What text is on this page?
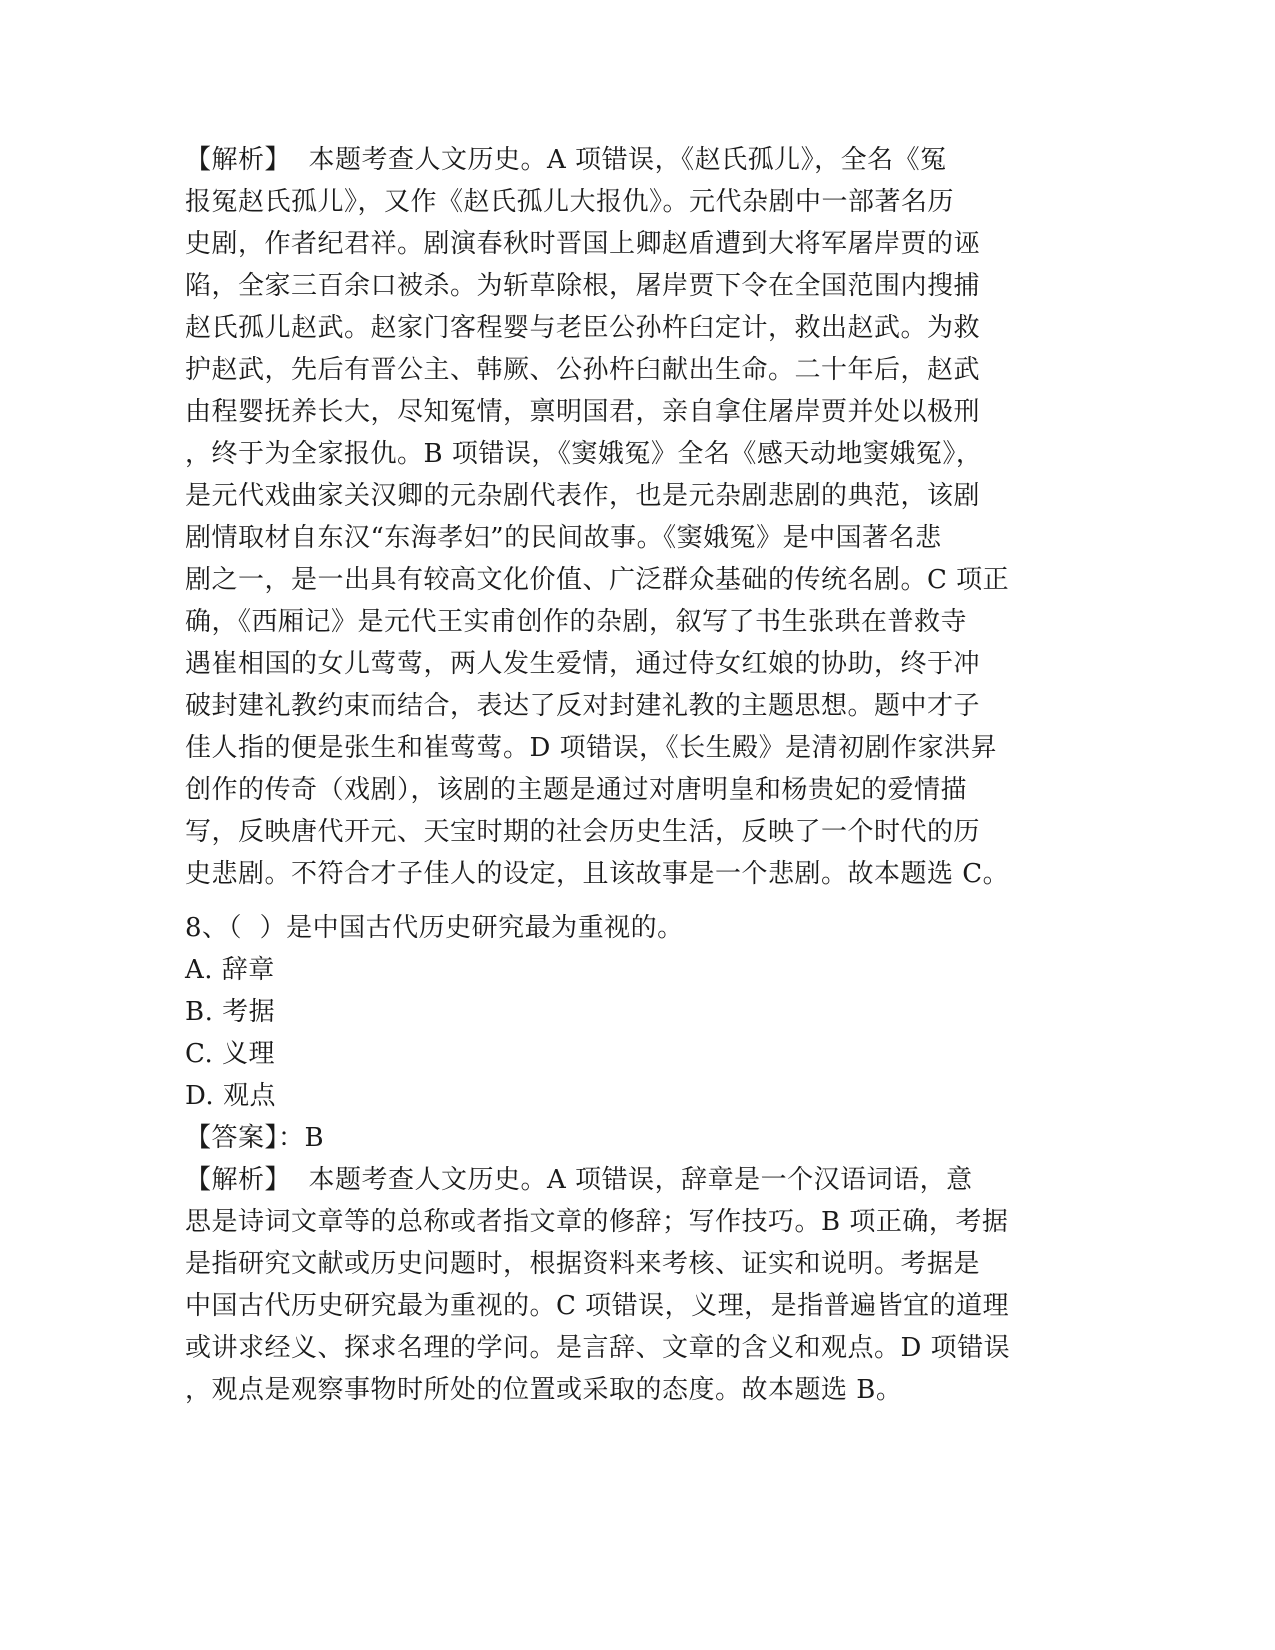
【解析】  本题考查人文历史。A 项错误，《赵氏孤儿》，全名《冤
报冤赵氏孤儿》，又作《赵氏孤儿大报仇》。元代杂剧中一部著名历
史剧，作者纪君祥。剧演春秋时晋国上卿赵盾遭到大将军屠岸贾的诬
陷，全家三百余口被杀。为斩草除根，屠岸贾下令在全国范围内搜捕
赵氏孤儿赵武。赵家门客程婴与老臣公孙杵臼定计，救出赵武。为救
护赵武，先后有晋公主、韩厥、公孙杵臼献出生命。二十年后，赵武
由程婴抚养长大，尽知冤情，禀明国君，亲自拿住屠岸贾并处以极刑
，终于为全家报仇。B 项错误，《窦娥冤》全名《感天动地窦娥冤》，
是元代戏曲家关汉卿的元杂剧代表作，也是元杂剧悲剧的典范，该剧
剧情取材自东汉“东海孝妇”的民间故事。《窦娥冤》是中国著名悲
剧之一，是一出具有较高文化价值、广泛群众基础的传统名剧。C 项正
确，《西厢记》是元代王实甫创作的杂剧，叙写了书生张珙在普救寺
遇崔相国的女儿莺莺，两人发生爱情，通过侍女红娘的协助，终于冲
破封建礼教约束而结合，表达了反对封建礼教的主题思想。题中才子
佳人指的便是张生和崔莺莺。D 项错误，《长生殿》是清初剧作家洪昇
创作的传奇（戏剧），该剧的主题是通过对唐明皇和杨贵妃的爱情描
写，反映唐代开元、天宝时期的社会历史生活，反映了一个时代的历
史悲剧。不符合才子佳人的设定，且该故事是一个悲剧。故本题选 C。
8、（  ）是中国古代历史研究最为重视的。
A. 辞章
B. 考据
C. 义理
D. 观点
【答案】：B
【解析】  本题考查人文历史。A 项错误，辞章是一个汉语词语，意
思是诗词文章等的总称或者指文章的修辞；写作技巧。B 项正确，考据
是指研究文献或历史问题时，根据资料来考核、证实和说明。考据是
中国古代历史研究最为重视的。C 项错误，义理，是指普遍皆宜的道理
或讲求经义、探求名理的学问。是言辞、文章的含义和观点。D 项错误
，观点是观察事物时所处的位置或采取的态度。故本题选 B。
